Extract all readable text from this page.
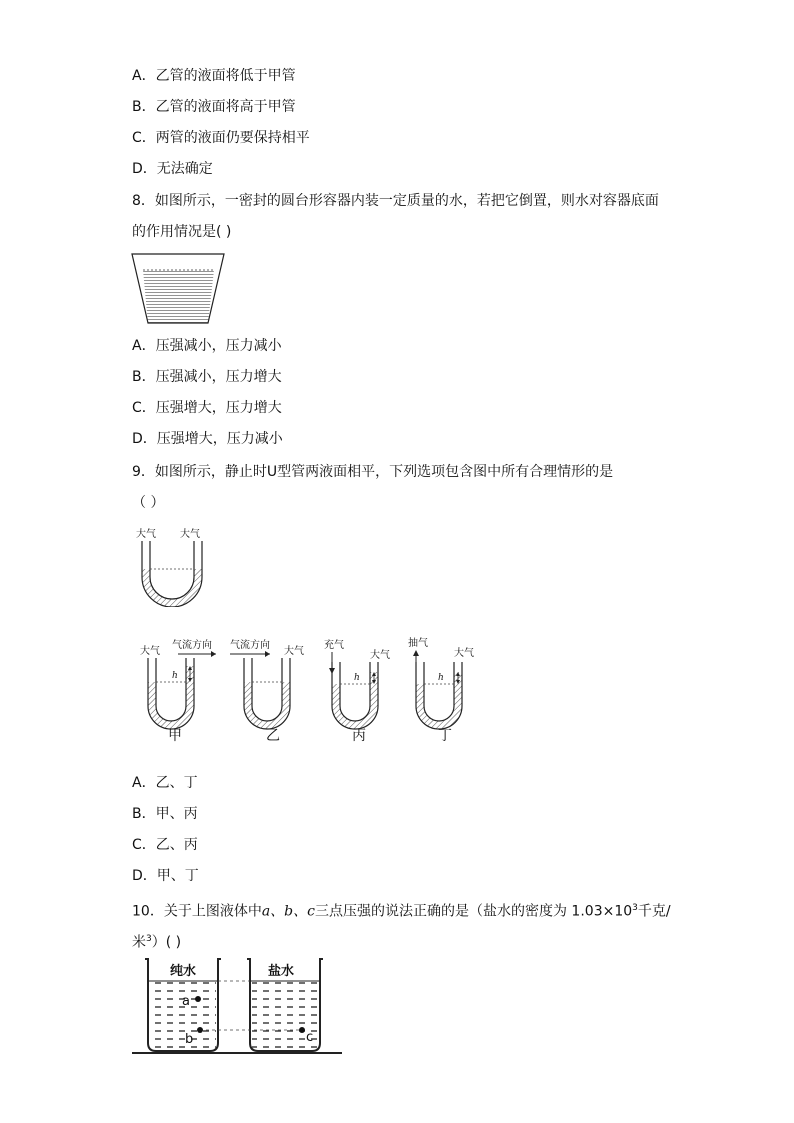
A．乙管的液面将低于甲管
B．乙管的液面将高于甲管
C．两管的液面仍要保持相平
D．无法确定
8．如图所示，一密封的圆台形容器内装一定质量的水，若把它倒置，则水对容器底面
的作用情况是( )
A．压强减小，压力减小
B．压强减小，压力增大
C．压强增大，压力增大
D．压强增大，压力减小
9．如图所示，静止时U型管两液面相平，下列选项包含图中所有合理情形的是
（ ）
大气 大气
大气
气流方向
h
甲
气流方向
大气
乙
充气
大气
h
丙
抽气
大气
h
丁
A．乙、丁
B．甲、丙
C．乙、丙
D．甲、丁
10．关于上图液体中a、b、c三点压强的说法正确的是（盐水的密度为 $1.03\times 10^3$千克/
米$^3$）( )
纯水	盐水
a
b	c
